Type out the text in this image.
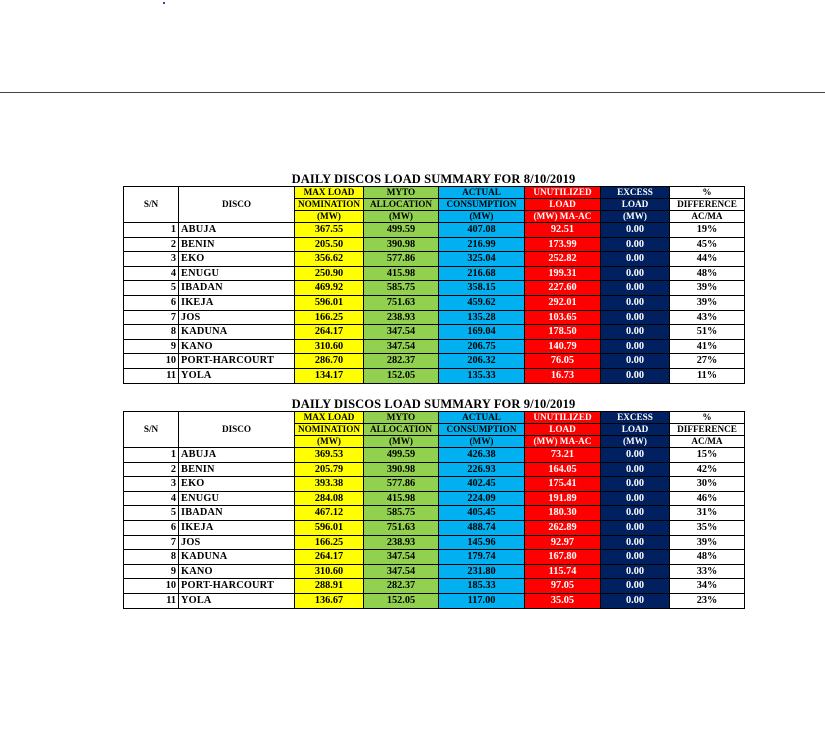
DAILY DISCOS LOAD SUMMARY FOR 8/10/2019
S/N	DISCO	MAX LOAD	MYTO	ACTUAL	UNUTILIZED	EXCESS	%
		NOMINATION	ALLOCATION	CONSUMPTION	LOAD	LOAD	DIFFERENCE
		(MW)	(MW)	(MW)	(MW) MA-AC	(MW)	AC/MA
1	ABUJA	367.55	499.59	407.08	92.51	0.00	19%
2	BENIN	205.50	390.98	216.99	173.99	0.00	45%
3	EKO	356.62	577.86	325.04	252.82	0.00	44%
4	ENUGU	250.90	415.98	216.68	199.31	0.00	48%
5	IBADAN	469.92	585.75	358.15	227.60	0.00	39%
6	IKEJA	596.01	751.63	459.62	292.01	0.00	39%
7	JOS	166.25	238.93	135.28	103.65	0.00	43%
8	KADUNA	264.17	347.54	169.04	178.50	0.00	51%
9	KANO	310.60	347.54	206.75	140.79	0.00	41%
10	PORT-HARCOURT	286.70	282.37	206.32	76.05	0.00	27%
11	YOLA	134.17	152.05	135.33	16.73	0.00	11%
DAILY DISCOS LOAD SUMMARY FOR 9/10/2019
S/N	DISCO	MAX LOAD	MYTO	ACTUAL	UNUTILIZED	EXCESS	%
		NOMINATION	ALLOCATION	CONSUMPTION	LOAD	LOAD	DIFFERENCE
		(MW)	(MW)	(MW)	(MW) MA-AC	(MW)	AC/MA
1	ABUJA	369.53	499.59	426.38	73.21	0.00	15%
2	BENIN	205.79	390.98	226.93	164.05	0.00	42%
3	EKO	393.38	577.86	402.45	175.41	0.00	30%
4	ENUGU	284.08	415.98	224.09	191.89	0.00	46%
5	IBADAN	467.12	585.75	405.45	180.30	0.00	31%
6	IKEJA	596.01	751.63	488.74	262.89	0.00	35%
7	JOS	166.25	238.93	145.96	92.97	0.00	39%
8	KADUNA	264.17	347.54	179.74	167.80	0.00	48%
9	KANO	310.60	347.54	231.80	115.74	0.00	33%
10	PORT-HARCOURT	288.91	282.37	185.33	97.05	0.00	34%
11	YOLA	136.67	152.05	117.00	35.05	0.00	23%
